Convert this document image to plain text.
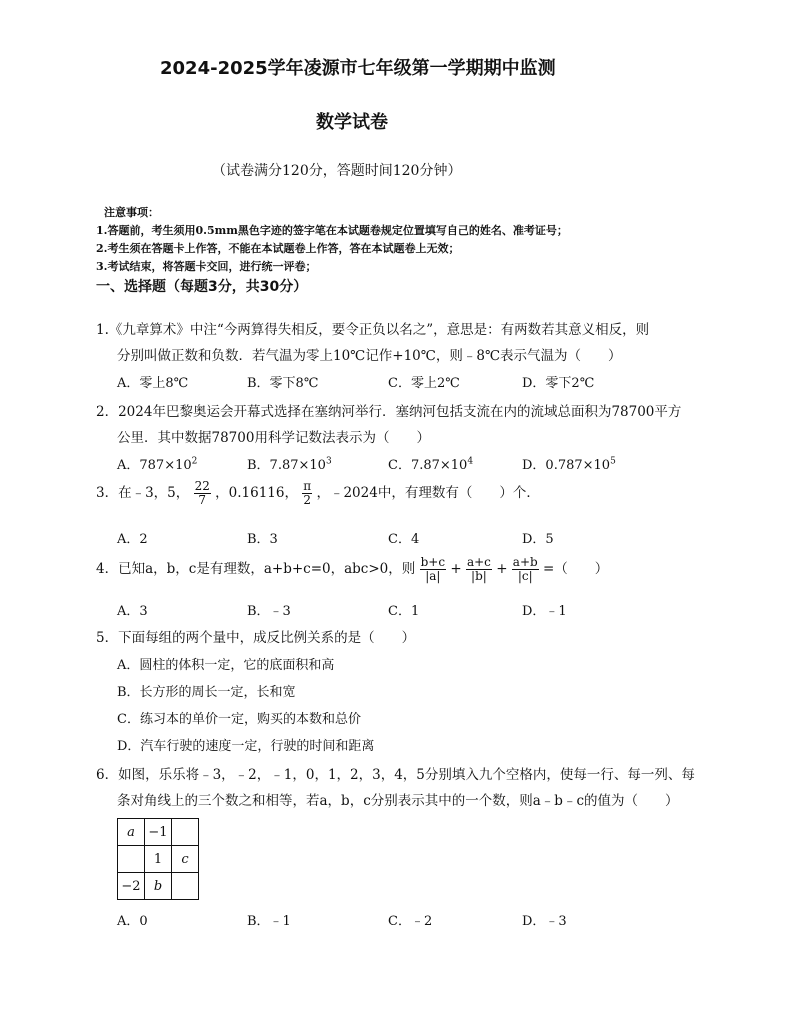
2024-2025学年凌源市七年级第一学期期中监测
数学试卷
（试卷满分120分，答题时间120分钟）
注意事项：
1.答题前，考生须用0.5mm黑色字迹的签字笔在本试题卷规定位置填写自己的姓名、准考证号；
2.考生须在答题卡上作答，不能在本试题卷上作答，答在本试题卷上无效；
3.考试结束，将答题卡交回，进行统一评卷；
一、选择题（每题3分，共30分）
1.《九章算术》中注“今两算得失相反，要令正负以名之”，意思是：有两数若其意义相反，则
分别叫做正数和负数．若气温为零上10℃记作+10℃，则﹣8℃表示气温为（　　）
A．零上8℃	B．零下8℃	C．零上2℃	D．零下2℃
2．2024年巴黎奥运会开幕式选择在塞纳河举行．塞纳河包括支流在内的流域总面积为78700平方
公里．其中数据78700用科学记数法表示为（　　）
A．$787\times 10^2$	B．$7.87\times 10^3$	C．$7.87\times 10^4$	D．$0.787\times 10^5$
3．在﹣3，5， $\frac{22}{7}$ ，0.16116， $\frac{\pi}{2}$ ，﹣2024中，有理数有（　　）个．
A．2	B．3	C．4	D．5
4．已知a，b，c是有理数，a+b+c=0，abc>0，则 $\frac{b+c}{|a|} + \frac{a+c}{|b|} + \frac{a+b}{|c|}$ =（　　）
A．3	B．﹣3	C．1	D．﹣1
5．下面每组的两个量中，成反比例关系的是（　　）
A．圆柱的体积一定，它的底面积和高
B．长方形的周长一定，长和宽
C．练习本的单价一定，购买的本数和总价
D．汽车行驶的速度一定，行驶的时间和距离
6．如图，乐乐将﹣3，﹣2，﹣1，0，1，2，3，4，5分别填入九个空格内，使每一行、每一列、每
条对角线上的三个数之和相等，若a，b，c分别表示其中的一个数，则a﹣b﹣c的值为（　　）
a	−1	
	1	c
−2	b	
A．0	B．﹣1	C．﹣2	D．﹣3
